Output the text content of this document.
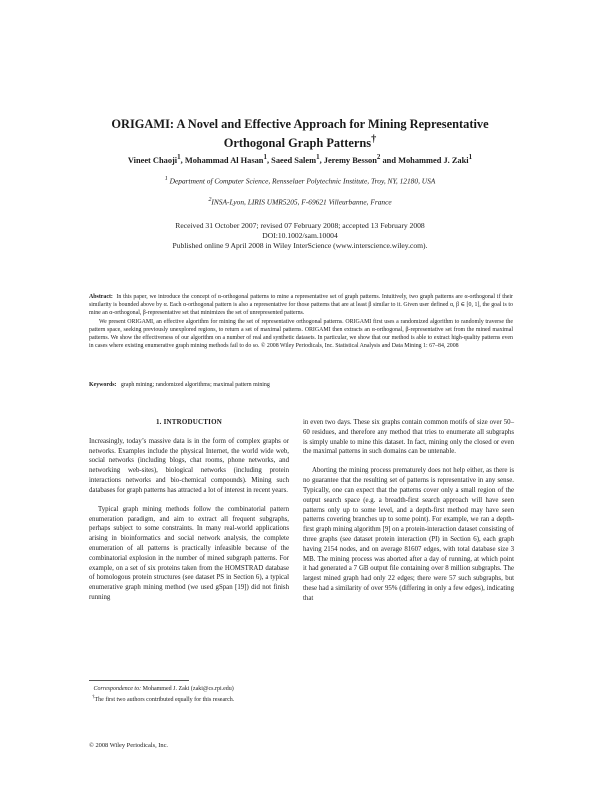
ORIGAMI: A Novel and Effective Approach for Mining Representative
Orthogonal Graph Patterns†
Vineet Chaoji$^1$, Mohammad Al Hasan$^1$, Saeed Salem$^1$, Jeremy Besson$^2$ and Mohammed J. Zaki$^1$
$^1$ Department of Computer Science, Rensselaer Polytechnic Institute, Troy, NY, 12180, USA
$^2$INSA-Lyon, LIRIS UMR5205, F-69621 Villeurbanne, France
Received 31 October 2007; revised 07 February 2008; accepted 13 February 2008
DOI:10.1002/sam.10004
Published online 9 April 2008 in Wiley InterScience (www.interscience.wiley.com).

Abstract: In this paper, we introduce the concept of α-orthogonal patterns to mine a representative set of graph patterns. Intuitively, two graph patterns are α-orthogonal if their similarity is bounded above by α. Each α-orthogonal pattern is also a representative for those patterns that are at least β similar to it. Given user defined α, β ∈ [0, 1], the goal is to mine an α-orthogonal, β-representative set that minimizes the set of unrepresented patterns.

We present ORIGAMI, an effective algorithm for mining the set of representative orthogonal patterns. ORIGAMI first uses a randomized algorithm to randomly traverse the pattern space, seeking previously unexplored regions, to return a set of maximal patterns. ORIGAMI then extracts an α-orthogonal, β-representative set from the mined maximal patterns. We show the effectiveness of our algorithm on a number of real and synthetic datasets. In particular, we show that our method is able to extract high-quality patterns even in cases where existing enumerative graph mining methods fail to do so. © 2008 Wiley Periodicals, Inc. Statistical Analysis and Data Mining 1: 67–84, 2008

Keywords: graph mining; randomized algorithms; maximal pattern mining

1. INTRODUCTION

Increasingly, today’s massive data is in the form of complex graphs or networks. Examples include the physical Internet, the world wide web, social networks (including blogs, chat rooms, phone networks, and networking web-sites), biological networks (including protein interactions networks and bio-chemical compounds). Mining such databases for graph patterns has attracted a lot of interest in recent years.

Typical graph mining methods follow the combinatorial pattern enumeration paradigm, and aim to extract all frequent subgraphs, perhaps subject to some constraints. In many real-world applications arising in bioinformatics and social network analysis, the complete enumeration of all patterns is practically infeasible because of the combinatorial explosion in the number of mined subgraph patterns. For example, on a set of six proteins taken from the HOMSTRAD database of homologous protein structures (see dataset PS in Section 6), a typical enumerative graph mining method (we used gSpan [19]) did not finish running

in even two days. These six graphs contain common motifs of size over 50–60 residues, and therefore any method that tries to enumerate all subgraphs is simply unable to mine this dataset. In fact, mining only the closed or even the maximal patterns in such domains can be untenable.

Aborting the mining process prematurely does not help either, as there is no guarantee that the resulting set of patterns is representative in any sense. Typically, one can expect that the patterns cover only a small region of the output search space (e.g. a breadth-first search approach will have seen patterns only up to some level, and a depth-first method may have seen patterns covering branches up to some point). For example, we ran a depth-first graph mining algorithm [9] on a protein-interaction dataset consisting of three graphs (see dataset protein interaction (PI) in Section 6), each graph having 2154 nodes, and on average 81607 edges, with total database size 3 MB. The mining process was aborted after a day of running, at which point it had generated a 7 GB output file containing over 8 million subgraphs. The largest mined graph had only 22 edges; there were 57 such subgraphs, but these had a similarity of over 95% (differing in only a few edges), indicating that

Correspondence to: Mohammed J. Zaki (zaki@cs.rpi.edu)

†The first two authors contributed equally for this research.

© 2008 Wiley Periodicals, Inc.
